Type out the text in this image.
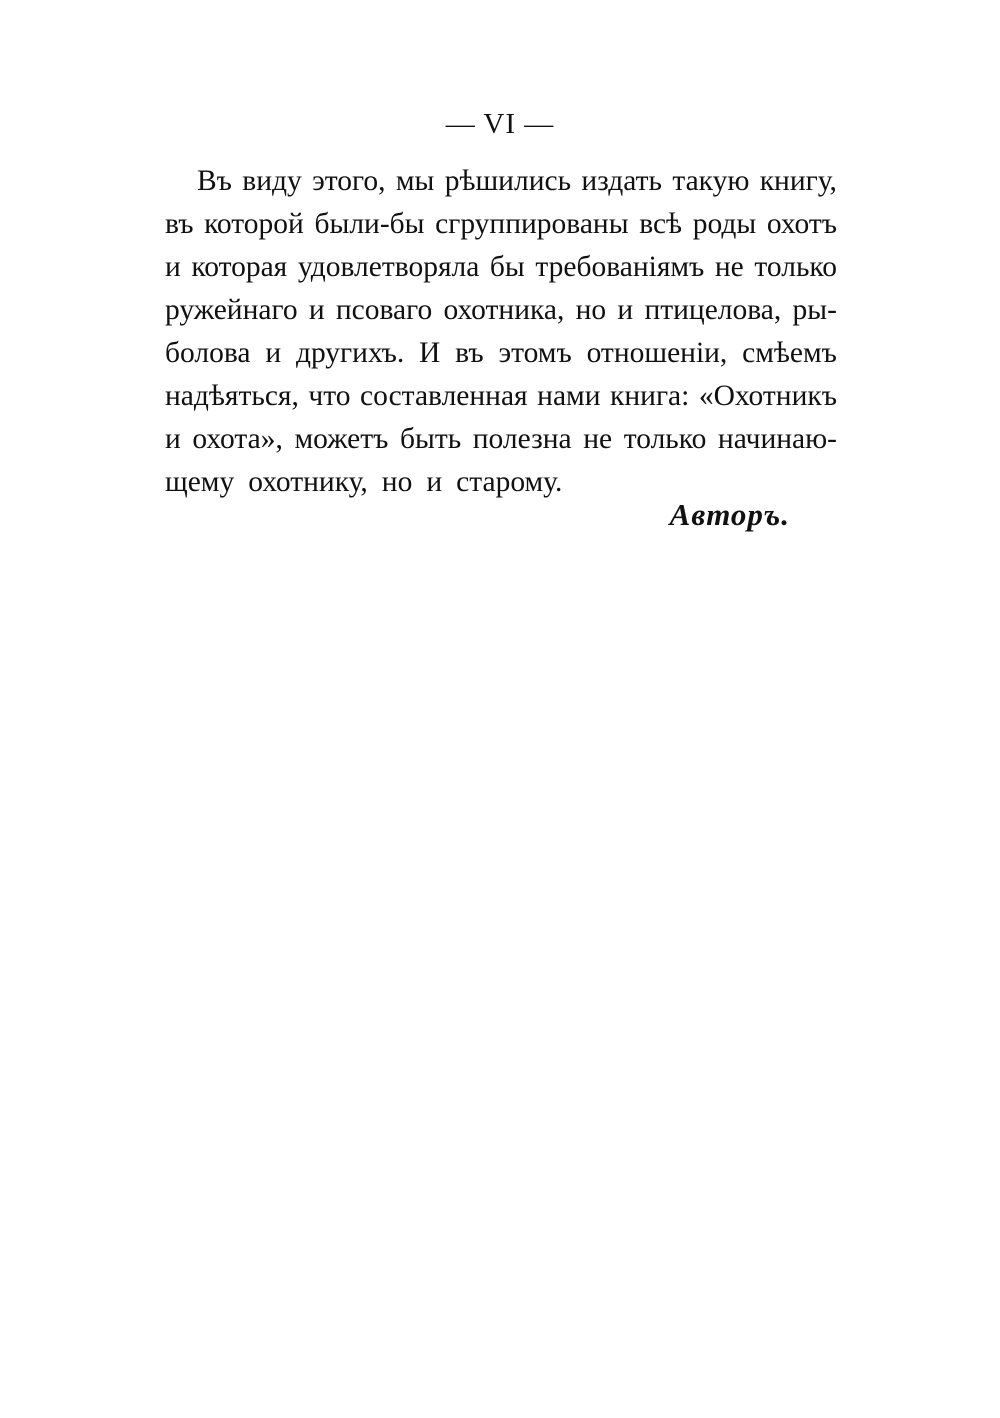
— VI —
Въ виду этого, мы рѣшились издать такую книгу,
въ которой были-бы сгруппированы всѣ роды охотъ
и которая удовлетворяла бы требованіямъ не только
ружейнаго и псоваго охотника, но и птицелова, ры-
болова и другихъ. И въ этомъ отношеніи, смѣемъ
надѣяться, что составленная нами книга: «Охотникъ
и охота», можетъ быть полезна не только начинаю-
щему охотнику, но и старому.
Авторъ.
